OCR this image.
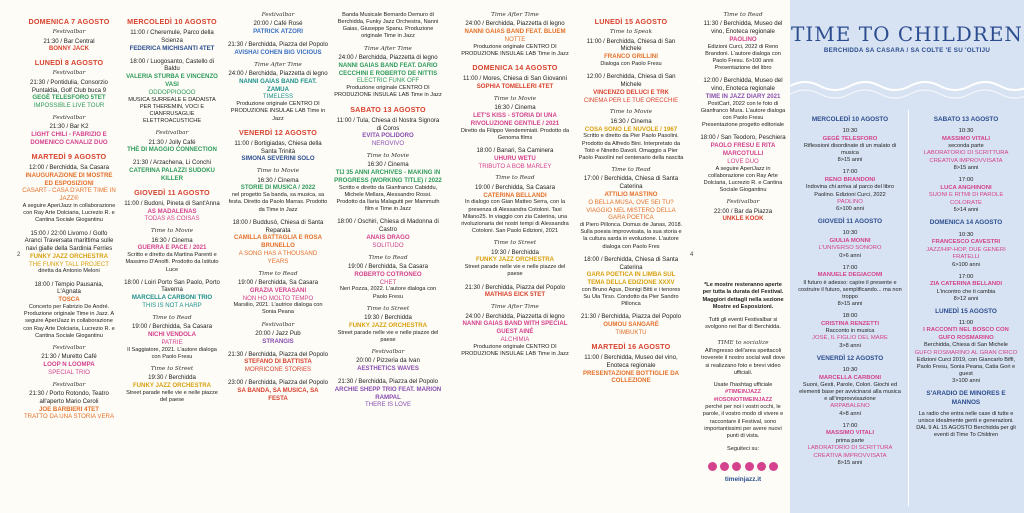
2	4
DOMENICA 7 AGOSTO
Festivalbar
21:30 / Bar Central
BONNY JACK
LUNEDÌ 8 AGOSTO
Festivalbar
21:30 / Pontidulia, Consorzio Puntaldia, Golf Club buca 9
GEGÈ TELESFORO 5TET
IMPOSSIBLE LIVE TOUR
Festivalbar
21:30 / Bar K2
LIGHT CHILI - FABRIZIO E DOMENICO CANALIZ DUO
MARTEDÌ 9 AGOSTO
12:00 / Berchidda, Sa Casara
INAUGURAZIONE DI MOSTRE ED ESPOSIZIONI
CASART - CASA D'ARTE TIME IN JAZZ®
A seguire AperiJazz in collaborazione con Ray Arte Dolciaria, Lucrezio R. e Cantina Sociale Giogantinu
15:00 / 22:00 Livorno / Golfo Aranci Traversata marittima sulle navi gialle della Sardinia Ferries
FUNKY JAZZ ORCHESTRA
THE FUNKY TALL PROJECT
diretta da Antonio Meloni
18:00 / Tempio Pausania, L'Agnata
TOSCA
Concerto per Fabrizio De André. Produzione originale Time in Jazz. A seguire AperiJazz in collaborazione con Ray Arte Dolciaria, Lucrezio R. e Cantina Sociale Giogantinu
Festivalbar
21:30 / Muretto Café
LOOP N LOOMPA
SPECIAL TRIO
Festivalbar
21:30 / Porto Rotondo, Teatro all'aperto Mario Ceroli
JOE BARBIERI 4TET
TRATTO DA UNA STORIA VERA
MERCOLEDÌ 10 AGOSTO
11:00 / Cheremule, Parco della Scienza
FEDERICA MICHISANTI 4TET
18:00 / Luogosanto, Castello di Baldu
VALERIA STURBA E VINCENZO VASI
ODDOPPIOOOO
MUSICA SURREALE E DADAISTA PER THEREMIN, VOCI E CIANFRUSAGLIE ELETTROACUSTICHE
Festivalbar
21:30 / Jolly Café
THÈ DI MAGGIO CONNECTION
21:30 / Arzachena, Li Conchi
CATERINA PALAZZI SUDOKU KILLER
GIOVEDÌ 11 AGOSTO
11:00 / Budoni, Pineta di Sant'Anna
AS MADALENAS
TODAS AS COISAS
Time to Movie
16:30 / Cinema
GUERRA E PACE / 2021
Scritto e diretto da Martina Parenti e Massimo D'Anolfi. Prodotto da Istituto Luce
18:00 / Loiri Porto San Paolo, Porto Taverna
MARCELLA CARBONI TRIO
THIS IS NOT A HARP
Time to Read
19:00 / Berchidda, Sa Casara
NICHI VENDOLA
PATRIE
Il Saggiatore, 2021. L'autore dialoga con Paolo Fresu
Time to Street
19:30 / Berchidda
FUNKY JAZZ ORCHESTRA
Street parade nelle vie e nelle piazze del paese
Festivalbar
20:00 / Café Rosé
PATRICK ATZORI
21:30 / Berchidda, Piazza del Popolo
AVISHAI COHEN BIG VICIOUS
Time After Time
24:00 / Berchidda, Piazzetta di legno
NANNI GAIAS BAND FEAT. ZAMUA
TIMELESS
Produzione originale CENTRO DI PRODUZIONE INSULAE LAB Time in Jazz
VENERDÌ 12 AGOSTO
11:00 / Bortigiadas, Chiesa della Santa Trinità
SIMONA SEVERINI SOLO
Time to Movie
16:30 / Cinema
STORIE DI MUSICA / 2022
nel progetto Sa banda, sa musica, sa festa. Diretto da Paolo Marras. Prodotto da Time in Jazz
18:00 / Buddusò, Chiesa di Santa Reparata
CAMILLA BATTAGLIA E ROSA BRUNELLO
A SONG HAS A THOUSAND YEARS
Time to Read
19:00 / Berchidda, Sa Casara
GRAZIA VERASANI
NON HO MOLTO TEMPO
Marsilio, 2021. L'autrice dialoga con Sonia Peana
Festivalbar
20:00 / Jazz Pub
STRANGIS
21:30 / Berchidda, Piazza del Popolo
STEFANO DI BATTISTA
MORRICONE STORIES
23:00 / Berchidda, Piazza del Popolo
SA BANDA, SA MUSICA, SA FESTA
Banda Musicale Bernardo Demuro di Berchidda, Funky Jazz Orchestra, Nanni Gaias, Giuseppe Spanu. Produzione originale Time in Jazz
Time After Time
24:00 / Berchidda, Piazzetta di legno
NANNI GAIAS BAND FEAT. DARIO CECCHINI E ROBERTO DE NITTIS
ELECTRIC FUNK OFF
Produzione originale CENTRO DI PRODUZIONE INSULAE LAB Time in Jazz
SABATO 13 AGOSTO
11:00 / Tula, Chiesa di Nostra Signora di Coros
EVITA POLIDORO
NEROVIVO
Time to Movie
16:30 / Cinema
TIJ 35 ANNI ARCHIVES - MAKING IN PROGRESS (WORKING TITLE) / 2022
Scritto e diretto da Gianfranco Cabiddu, Michele Mellara, Alessandro Rossi. Prodotto da Ilaria Malagutti per Mammuth film e Time in Jazz
18:00 / Oschiri, Chiesa di Madonna di Castro
ANAIS DRAGO
SOLITUDO
Time to Read
19:00 / Berchidda, Sa Casara
ROBERTO COTRONEO
CHET
Neri Pozza, 2022. L'autore dialoga con Paolo Fresu
Time to Street
19:30 / Berchidda
FUNKY JAZZ ORCHESTRA
Street parade nelle vie e nelle piazze del paese
Festivalbar
20:00 / Pizzeria da Ivan
AESTHETICS WAVES
21:30 / Berchidda, Piazza del Popolo
ARCHIE SHEPP TRIO FEAT. MARION RAMPAL
THERE IS LOVE
Time After Time
24:00 / Berchidda, Piazzetta di legno
NANNI GAIAS BAND FEAT. BLUEM
NOTTE
Produzione originale CENTRO DI PRODUZIONE INSULAE LAB Time in Jazz
DOMENICA 14 AGOSTO
11:00 / Mores, Chiesa di San Giovanni
SOPHIA TOMELLERI 4TET
Time to Movie
16:30 / Cinema
LET'S KISS - STORIA DI UNA RIVOLUZIONE GENTILE / 2021
Diretto da Filippo Vendemmiati. Prodotto da Genoma films
18:00 / Banari, Sa Caminera
UHURU WETU
TRIBUTO A BOB MARLEY
Time to Read
19:00 / Berchidda, Sa Casara
CATERINA BELLANDI
In dialogo con Gian Matteo Serra, con la presenza di Alessandra Cotoloni. Taxi Milano25. In viaggio con zia Caterina, una rivoluzionaria dei nostri tempi di Alessandra Cotoloni. San Paolo Edizioni, 2021
Time to Street
19:30 / Berchidda
FUNKY JAZZ ORCHESTRA
Street parade nelle vie e nelle piazze del paese
21:30 / Berchidda, Piazza del Popolo
MATHIAS EICK 5TET
Time After Time
24:00 / Berchidda, Piazzetta di legno
NANNI GAIAS BAND WITH SPECIAL GUEST AINÉ
ALCHIMIA
Produzione originale CENTRO DI PRODUZIONE INSULAE LAB Time in Jazz
LUNEDÌ 15 AGOSTO
Time to Speak
11:00 / Berchidda, Chiesa di San Michele
FRANCO GRILLINI
Dialoga con Paolo Fresu
12:00 / Berchidda, Chiesa di San Michele
VINCENZO DELUCI E TRK
CINEMA PER LE TUE ORECCHIE
Time to Movie
16:30 / Cinema
COSA SONO LE NUVOLE / 1967
Scritto e diretto da Pier Paolo Pasolini. Prodotto da Alfredo Bini. Interpretato da Totò e Ninetto Davoli. Omaggio a Pier Paolo Pasolini nel centenario della nascita
Time to Read
17:00 / Berchidda, Chiesa di Santa Caterina
ATTILIO MASTINO
O BELLA MUSA, OVE SEI TU? VIAGGIO NEL MISTERO DELLA GARA POETICA
di Piero Pillonca. Domus de Janas, 2018. Sulla poesia improvvisata, la sua storia e la cultura sarda in evoluzione. L'autore dialoga con Paolo Fres
18:00 / Berchidda, Chiesa di Santa Caterina
GARA POETICA IN LIMBA SUL TEMA DELLA EDIZIONE XXXV
con Bruno Agus, Dionigi Bitti e i tenores Su Ula Tirso. Condotto da Pier Sandro Pillonca
21:30 / Berchidda, Piazza del Popolo
OUMOU SANGARÉ
TIMBUKTU
MARTEDÌ 16 AGOSTO
11:00 / Berchidda, Museo del vino, Enoteca regionale
PRESENTAZIONE BOTTIGLIE DA COLLEZIONE
Time to Read
11:30 / Berchidda, Museo del vino, Enoteca regionale
PAOLINO
Edizioni Curci, 2022 di Reno Brandoni. L'autore dialoga con Paolo Fresu. 6>100 anni
Presentazione del libro
12:00 / Berchidda, Museo del vino, Enoteca regionale
TIME IN JAZZ DIARY 2021
PostCart, 2022 con le foto di Gianfranco Mura. L'autore dialoga con Paolo Fresu
Presentazione progetto editoriale
18:00 / San Teodoro, Peschiera
PAOLO FRESU E RITA MARCOTULLI
LOVE DUO
A seguire AperiJazz in collaborazione con Ray Arte Dolciaria, Lucrezio R. e Cantina Sociale Giogantinu
Festivalbar
22:00 / Bar da Piazza
UNKLE KOOK
*Le mostre resteranno aperte per tutta la durata del Festival. Maggiori dettagli nella sezione Mostre ed Esposizioni.
Tutti gli eventi Festivalbar si svolgono nei Bar di Berchidda.
TIME to socialize
All'ingresso dell'area spettacoli troverete il nostro social wall dove si realizzano foto e brevi video ufficiali.
Usate l'hashtag ufficiale
#TIMEINJAZZ
#IOSONOTIMEINJAZZ
perché per noi i vostri occhi, le parole, il vostro modo di vivere e raccontare il Festival, sono importantissimi per avere nuovi punti di vista.
Seguiteci su:
timeinjazz.it
TIME TO CHILDREN
BERCHIDDA SA CASARA / SA COLTE 'E SU 'OLTIJU
MERCOLEDÌ 10 AGOSTO
10:30
GEGÈ TELESFORO
Riflessioni disordinate di un malato di musica
8>15 anni
17:00
RENO BRANDONI
Indovina chi arriva al parco del libro Paolino. Edizioni Curci, 2022
PAOLINO
6>100 anni
GIOVEDÌ 11 AGOSTO
10:30
GIULIA MONNI
L'UNIVERSO SONORO
0>6 anni
17:00
MANUELE DEGIACOMI
Il futuro è adesso: capire il presente e costruire il futuro, semplificando... ma non troppo
8>15 anni
18:00
CRISTINA RENZETTI
Racconto in musica
JOSÉ, IL FIGLIO DEL MARE
3>8 anni
VENERDÌ 12 AGOSTO
10:30
MARCELLA CARBONI
Suoni, Gesti, Parole, Colori. Giochi ed elementi base per avvicinarsi alla musica e all'improvvisazione
ARPABALENO
4>8 anni
17:00
MASSIMO VITALI
prima parte
LABORATORIO DI SCRITTURA CREATIVA IMPROVVISATA
8>15 anni
SABATO 13 AGOSTO
10:30
MASSIMO VITALI
seconda parte
LABORATORIO DI SCRITTURA CREATIVA IMPROVVISATA
8>15 anni
17:00
LUCA ANGHINONI
SUONI E RITMI DI PAROLE COLORATE
5>14 anni
DOMENICA 14 AGOSTO
10:30
FRANCESCO CAVESTRI
JAZZ/HIP-HOP, DUE GENERI FRATELLI
6>100 anni
17:00
ZIA CATERINA BELLANDI
L'incontro che ti cambia
8>12 anni
LUNEDÌ 15 AGOSTO
11:00
I RACCONTI NEL BOSCO CON GUFO ROSMARINO
Berchidda, Chiesa di San Michele
GUFO ROSMARINO AL GRAN CIRCO
Edizioni Curci 2019, con Giancarlo Biffi, Paolo Fresu, Sonia Peana, Catia Gori e guest
3>100 anni
S'ARADIO DE MINORES E MANNOS
La radio che entra nelle case di tutte e unisce idealmente genti e generazioni.
DAL 9 AL 15 AGOSTO Berchidda per gli eventi di Time To Children
